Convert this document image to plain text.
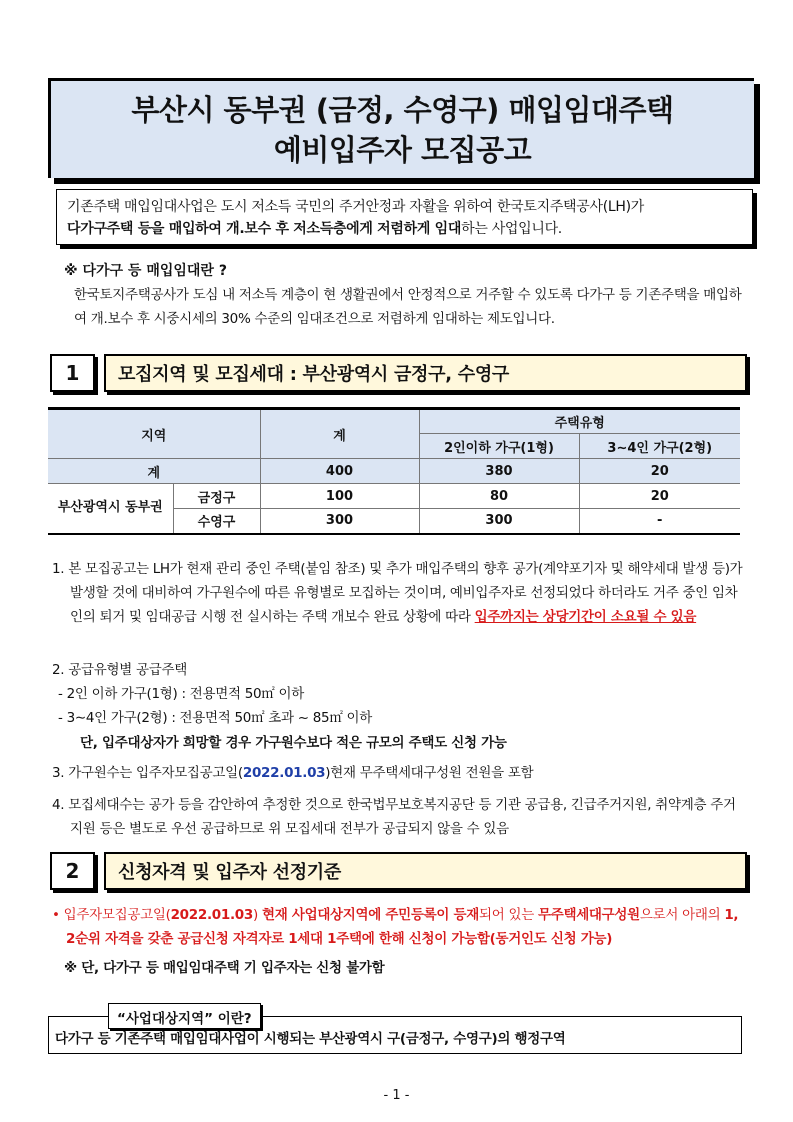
부산시 동부권 (금정, 수영구) 매입임대주택
예비입주자 모집공고
기존주택 매입임대사업은 도시 저소득 국민의 주거안정과 자활을 위하여 한국토지주택공사(LH)가
다가구주택 등을 매입하여 개.보수 후 저소득층에게 저렴하게 임대하는 사업입니다.
※ 다가구 등 매입임대란 ?
한국토지주택공사가 도심 내 저소득 계층이 현 생활권에서 안정적으로 거주할 수 있도록 다가구 등 기존주택을 매입하여 개.보수 후 시중시세의 30% 수준의 임대조건으로 저렴하게 임대하는 제도입니다.
1	모집지역 및 모집세대 : 부산광역시 금정구, 수영구
지역		계	주택유형	
			2인이하 가구(1형)	3∼4인 가구(2형)
계		400	380	20
부산광역시 동부권	금정구	100	80	20
	수영구	300	300	-
1. 본 모집공고는 LH가 현재 관리 중인 주택(붙임 참조) 및 추가 매입주택의 향후 공가(계약포기자 및 해약세대 발생 등)가 발생할 것에 대비하여 가구원수에 따른 유형별로 모집하는 것이며, 예비입주자로 선정되었다 하더라도 거주 중인 임차인의 퇴거 및 임대공급 시행 전 실시하는 주택 개보수 완료 상황에 따라 입주까지는 상당기간이 소요될 수 있음
2. 공급유형별 공급주택
- 2인 이하 가구(1형) : 전용면적 50㎡ 이하
- 3∼4인 가구(2형) : 전용면적 50㎡ 초과 ~ 85㎡ 이하
단, 입주대상자가 희망할 경우 가구원수보다 적은 규모의 주택도 신청 가능
3. 가구원수는 입주자모집공고일(2022.01.03)현재 무주택세대구성원 전원을 포함
4. 모집세대수는 공가 등을 감안하여 추정한 것으로 한국법무보호복지공단 등 기관 공급용, 긴급주거지원, 취약계층 주거지원 등은 별도로 우선 공급하므로 위 모집세대 전부가 공급되지 않을 수 있음
2	신청자격 및 입주자 선정기준
• 입주자모집공고일(2022.01.03) 현재 사업대상지역에 주민등록이 등재되어 있는 무주택세대구성원으로서 아래의 1, 2순위 자격을 갖춘 공급신청 자격자로 1세대 1주택에 한해 신청이 가능함(동거인도 신청 가능)
※ 단, 다가구 등 매입임대주택 기 입주자는 신청 불가함
다가구 등 기존주택 매입임대사업이 시행되는 부산광역시 구(금정구, 수영구)의 행정구역
“사업대상지역” 이란?
- 1 -
